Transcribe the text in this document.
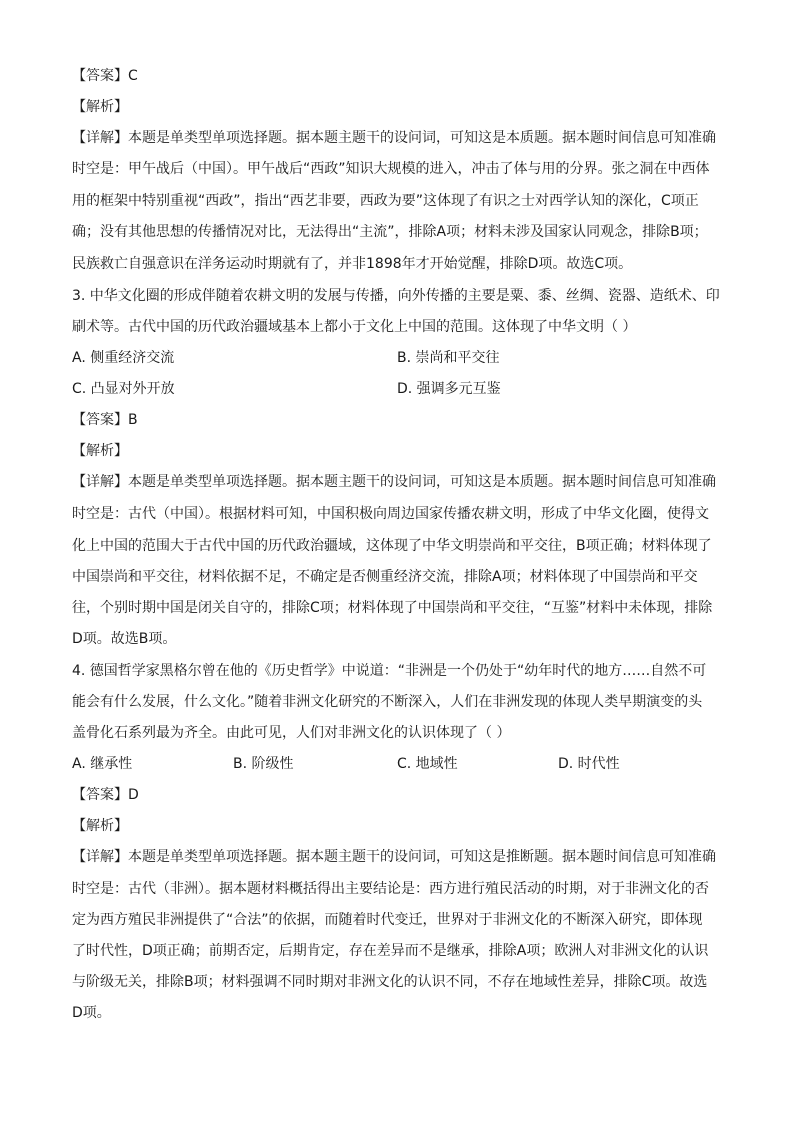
【答案】C
【解析】
【详解】本题是单类型单项选择题。据本题主题干的设问词，可知这是本质题。据本题时间信息可知准确
时空是：甲午战后（中国）。甲午战后“西政”知识大规模的进入，冲击了体与用的分界。张之洞在中西体
用的框架中特别重视“西政”，指出“西艺非要，西政为要”这体现了有识之士对西学认知的深化，C项正
确；没有其他思想的传播情况对比，无法得出“主流”，排除A项；材料未涉及国家认同观念，排除B项；
民族救亡自强意识在洋务运动时期就有了，并非1898年才开始觉醒，排除D项。故选C项。
3. 中华文化圈的形成伴随着农耕文明的发展与传播，向外传播的主要是粟、黍、丝绸、瓷器、造纸术、印
刷术等。古代中国的历代政治疆域基本上都小于文化上中国的范围。这体现了中华文明（ ）
A. 侧重经济交流	B. 崇尚和平交往
C. 凸显对外开放	D. 强调多元互鉴
【答案】B
【解析】
【详解】本题是单类型单项选择题。据本题主题干的设问词，可知这是本质题。据本题时间信息可知准确
时空是：古代（中国）。根据材料可知，中国积极向周边国家传播农耕文明，形成了中华文化圈，使得文
化上中国的范围大于古代中国的历代政治疆域，这体现了中华文明崇尚和平交往，B项正确；材料体现了
中国崇尚和平交往，材料依据不足，不确定是否侧重经济交流，排除A项；材料体现了中国崇尚和平交
往，个别时期中国是闭关自守的，排除C项；材料体现了中国崇尚和平交往，“互鉴”材料中未体现，排除
D项。故选B项。
4. 德国哲学家黑格尔曾在他的《历史哲学》中说道：“非洲是一个仍处于“幼年时代的地方……自然不可
能会有什么发展，什么文化。”随着非洲文化研究的不断深入，人们在非洲发现的体现人类早期演变的头
盖骨化石系列最为齐全。由此可见，人们对非洲文化的认识体现了（ ）
A. 继承性	B. 阶级性	C. 地域性	D. 时代性
【答案】D
【解析】
【详解】本题是单类型单项选择题。据本题主题干的设问词，可知这是推断题。据本题时间信息可知准确
时空是：古代（非洲）。据本题材料概括得出主要结论是：西方进行殖民活动的时期，对于非洲文化的否
定为西方殖民非洲提供了“合法”的依据，而随着时代变迁，世界对于非洲文化的不断深入研究，即体现
了时代性，D项正确；前期否定，后期肯定，存在差异而不是继承，排除A项；欧洲人对非洲文化的认识
与阶级无关，排除B项；材料强调不同时期对非洲文化的认识不同，不存在地域性差异，排除C项。故选
D项。
